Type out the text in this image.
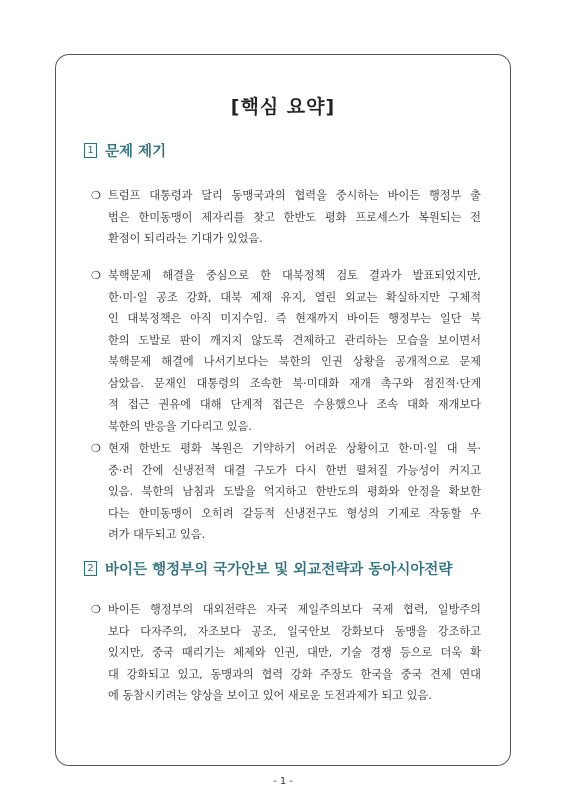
[핵심 요약]
1 문제 제기
❍ 트럼프 대통령과 달리 동맹국과의 협력을 중시하는 바이든 행정부 출
범은 한미동맹이 제자리를 찾고 한반도 평화 프로세스가 복원되는 전
환점이 되리라는 기대가 있었음.
❍ 북핵문제 해결을 중심으로 한 대북정책 검토 결과가 발표되었지만,
한·미·일 공조 강화, 대북 제재 유지, 열린 외교는 확실하지만 구체적
인 대북정책은 아직 미지수임. 즉 현재까지 바이든 행정부는 일단 북
한의 도발로 판이 깨지지 않도록 견제하고 관리하는 모습을 보이면서
북핵문제 해결에 나서기보다는 북한의 인권 상황을 공개적으로 문제
삼았음. 문재인 대통령의 조속한 북·미대화 재개 촉구와 점진적·단계
적 접근 권유에 대해 단계적 접근은 수용했으나 조속 대화 재개보다
북한의 반응을 기다리고 있음.
❍ 현재 한반도 평화 복원은 기약하기 어려운 상황이고 한·미·일 대 북·
중·러 간에 신냉전적 대결 구도가 다시 한번 펼쳐질 가능성이 커지고
있음. 북한의 남침과 도발을 억지하고 한반도의 평화와 안정을 확보한
다는 한미동맹이 오히려 갈등적 신냉전구도 형성의 기제로 작동할 우
려가 대두되고 있음.
2 바이든 행정부의 국가안보 및 외교전략과 동아시아전략
❍ 바이든 행정부의 대외전략은 자국 제일주의보다 국제 협력, 일방주의
보다 다자주의, 자조보다 공조, 일국안보 강화보다 동맹을 강조하고
있지만, 중국 때리기는 체제와 인권, 대만, 기술 경쟁 등으로 더욱 확
대 강화되고 있고, 동맹과의 협력 강화 주장도 한국을 중국 견제 연대
에 동참시키려는 양상을 보이고 있어 새로운 도전과제가 되고 있음.
- 1 -
